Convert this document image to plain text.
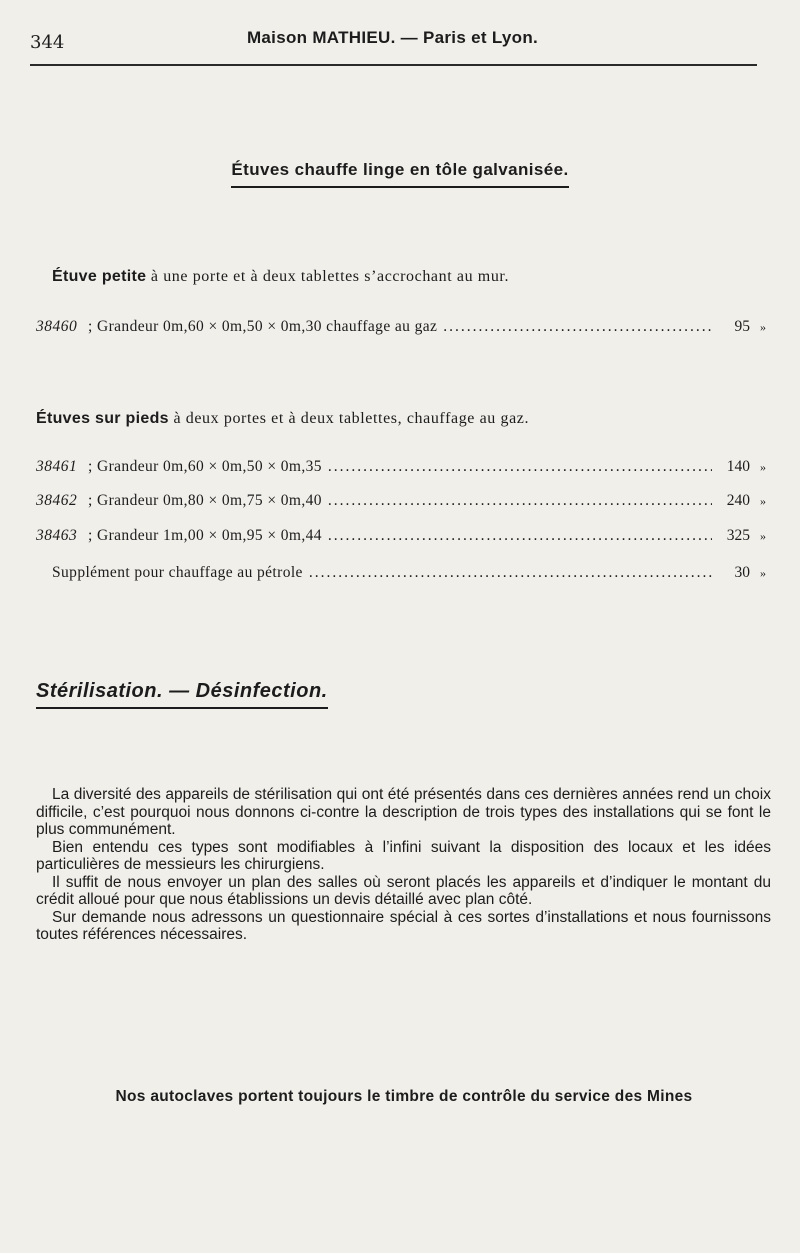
344	Maison MATHIEU. — Paris et Lyon.
Étuves chauffe linge en tôle galvanisée.
Étuve petite à une porte et à deux tablettes s’accrochant au mur.
38460 ; Grandeur 0m,60 × 0m,50 × 0m,30 chauffage au gaz .....	95 »
Étuves sur pieds à deux portes et à deux tablettes, chauffage au gaz.
38461 ; Grandeur 0m,60 × 0m,50 × 0m,35 .....	140 »
38462 ; Grandeur 0m,80 × 0m,75 × 0m,40 .....	240 »
38463 ; Grandeur 1m,00 × 0m,95 × 0m,44 .....	325 »
Supplément pour chauffage au pétrole .....	30 »
Stérilisation. — Désinfection.

La diversité des appareils de stérilisation qui ont été présentés dans ces dernières années rend un choix difficile, c’est pourquoi nous donnons ci-contre la description de trois types des installations qui se font le plus communément.

Bien entendu ces types sont modifiables à l’infini suivant la disposition des locaux et les idées particulières de messieurs les chirurgiens.

Il suffit de nous envoyer un plan des salles où seront placés les appareils et d’indiquer le montant du crédit alloué pour que nous établissions un devis détaillé avec plan côté.

Sur demande nous adressons un questionnaire spécial à ces sortes d’installations et nous fournissons toutes références nécessaires.

Nos autoclaves portent toujours le timbre de contrôle du service des Mines
